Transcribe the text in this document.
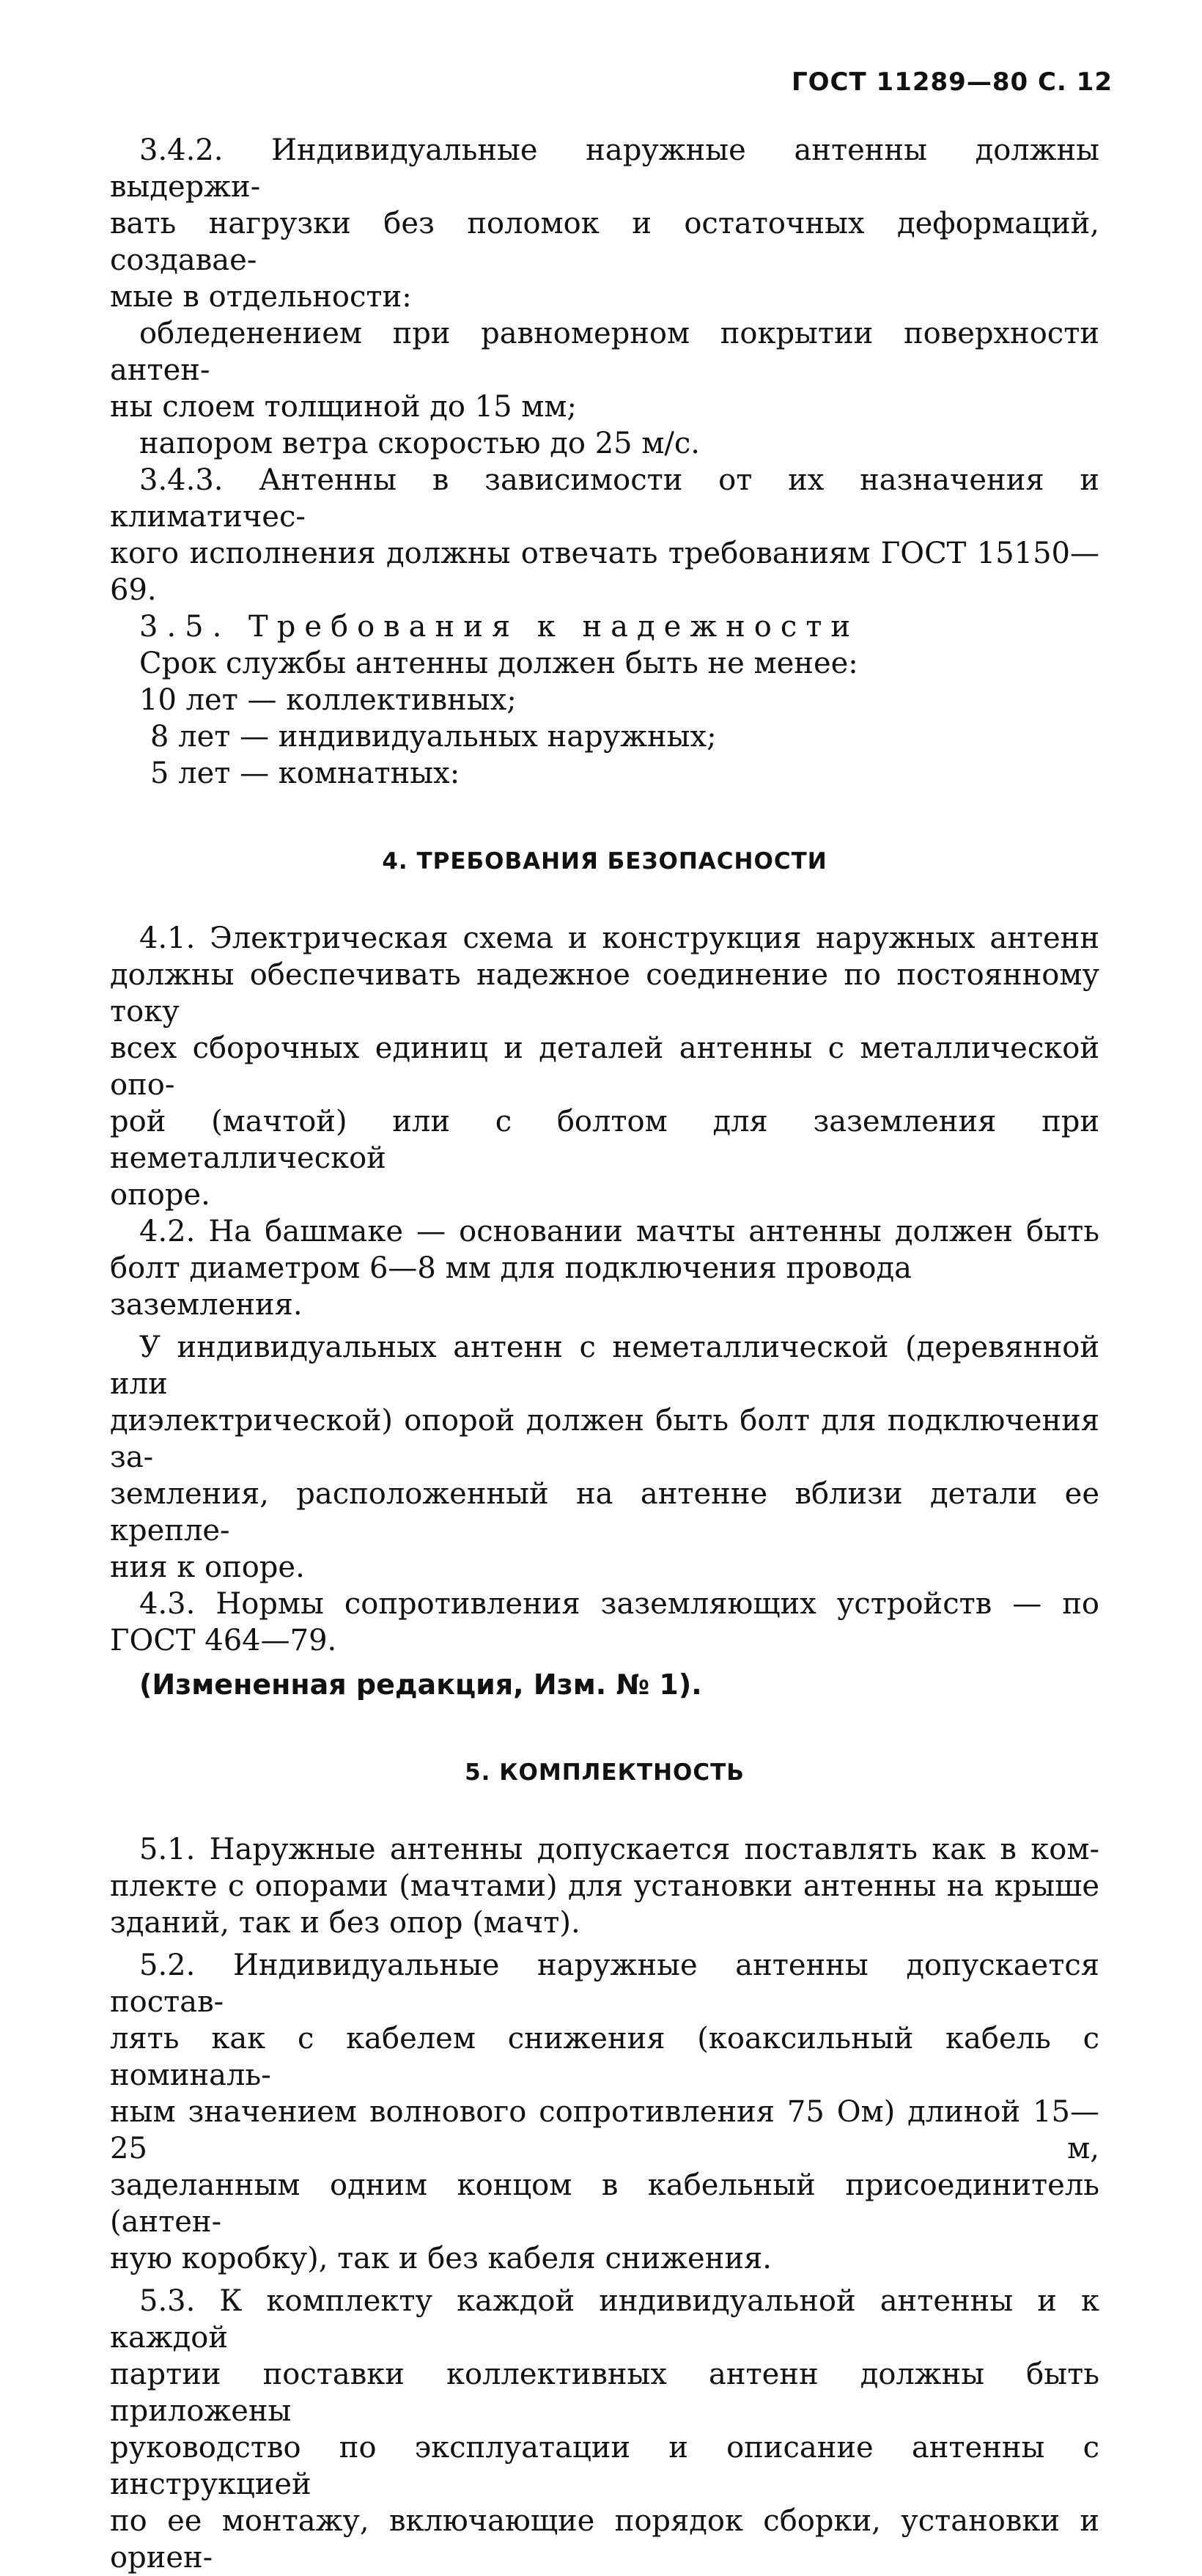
ГОСТ 11289—80 С. 12
3.4.2. Индивидуальные наружные антенны должны выдержи-
вать нагрузки без поломок и остаточных деформаций, создавае-
мые в отдельности:
обледенением при равномерном покрытии поверхности антен-
ны слоем толщиной до 15 мм;
напором ветра скоростью до 25 м/с.
3.4.3. Антенны в зависимости от их назначения и климатичес-
кого исполнения должны отвечать требованиям ГОСТ 15150—69.
3.5. Требования к надежности
Срок службы антенны должен быть не менее:
10 лет — коллективных;
8 лет — индивидуальных наружных;
5 лет — комнатных:
4. ТРЕБОВАНИЯ БЕЗОПАСНОСТИ
4.1. Электрическая схема и конструкция наружных антенн
должны обеспечивать надежное соединение по постоянному току
всех сборочных единиц и деталей антенны с металлической опо-
рой (мачтой) или с болтом для заземления при неметаллической
опоре.
4.2. На башмаке — основании мачты антенны должен быть
болт диаметром 6—8 мм для подключения провода заземления.
У индивидуальных антенн с неметаллической (деревянной или
диэлектрической) опорой должен быть болт для подключения за-
земления, расположенный на антенне вблизи детали ее крепле-
ния к опоре.
4.3. Нормы сопротивления заземляющих устройств — по
ГОСТ 464—79.
(Измененная редакция, Изм. № 1).
5. КОМПЛЕКТНОСТЬ
5.1. Наружные антенны допускается поставлять как в ком-
плекте с опорами (мачтами) для установки антенны на крыше
зданий, так и без опор (мачт).
5.2. Индивидуальные наружные антенны допускается постав-
лять как с кабелем снижения (коаксильный кабель с номиналь-
ным значением волнового сопротивления 75 Ом) длиной 15—25 м,
заделанным одним концом в кабельный присоединитель (антен-
ную коробку), так и без кабеля снижения.
5.3. К комплекту каждой индивидуальной антенны и к каждой
партии поставки коллективных антенн должны быть приложены
руководство по эксплуатации и описание антенны с инструкцией
по ее монтажу, включающие порядок сборки, установки и ориен-
